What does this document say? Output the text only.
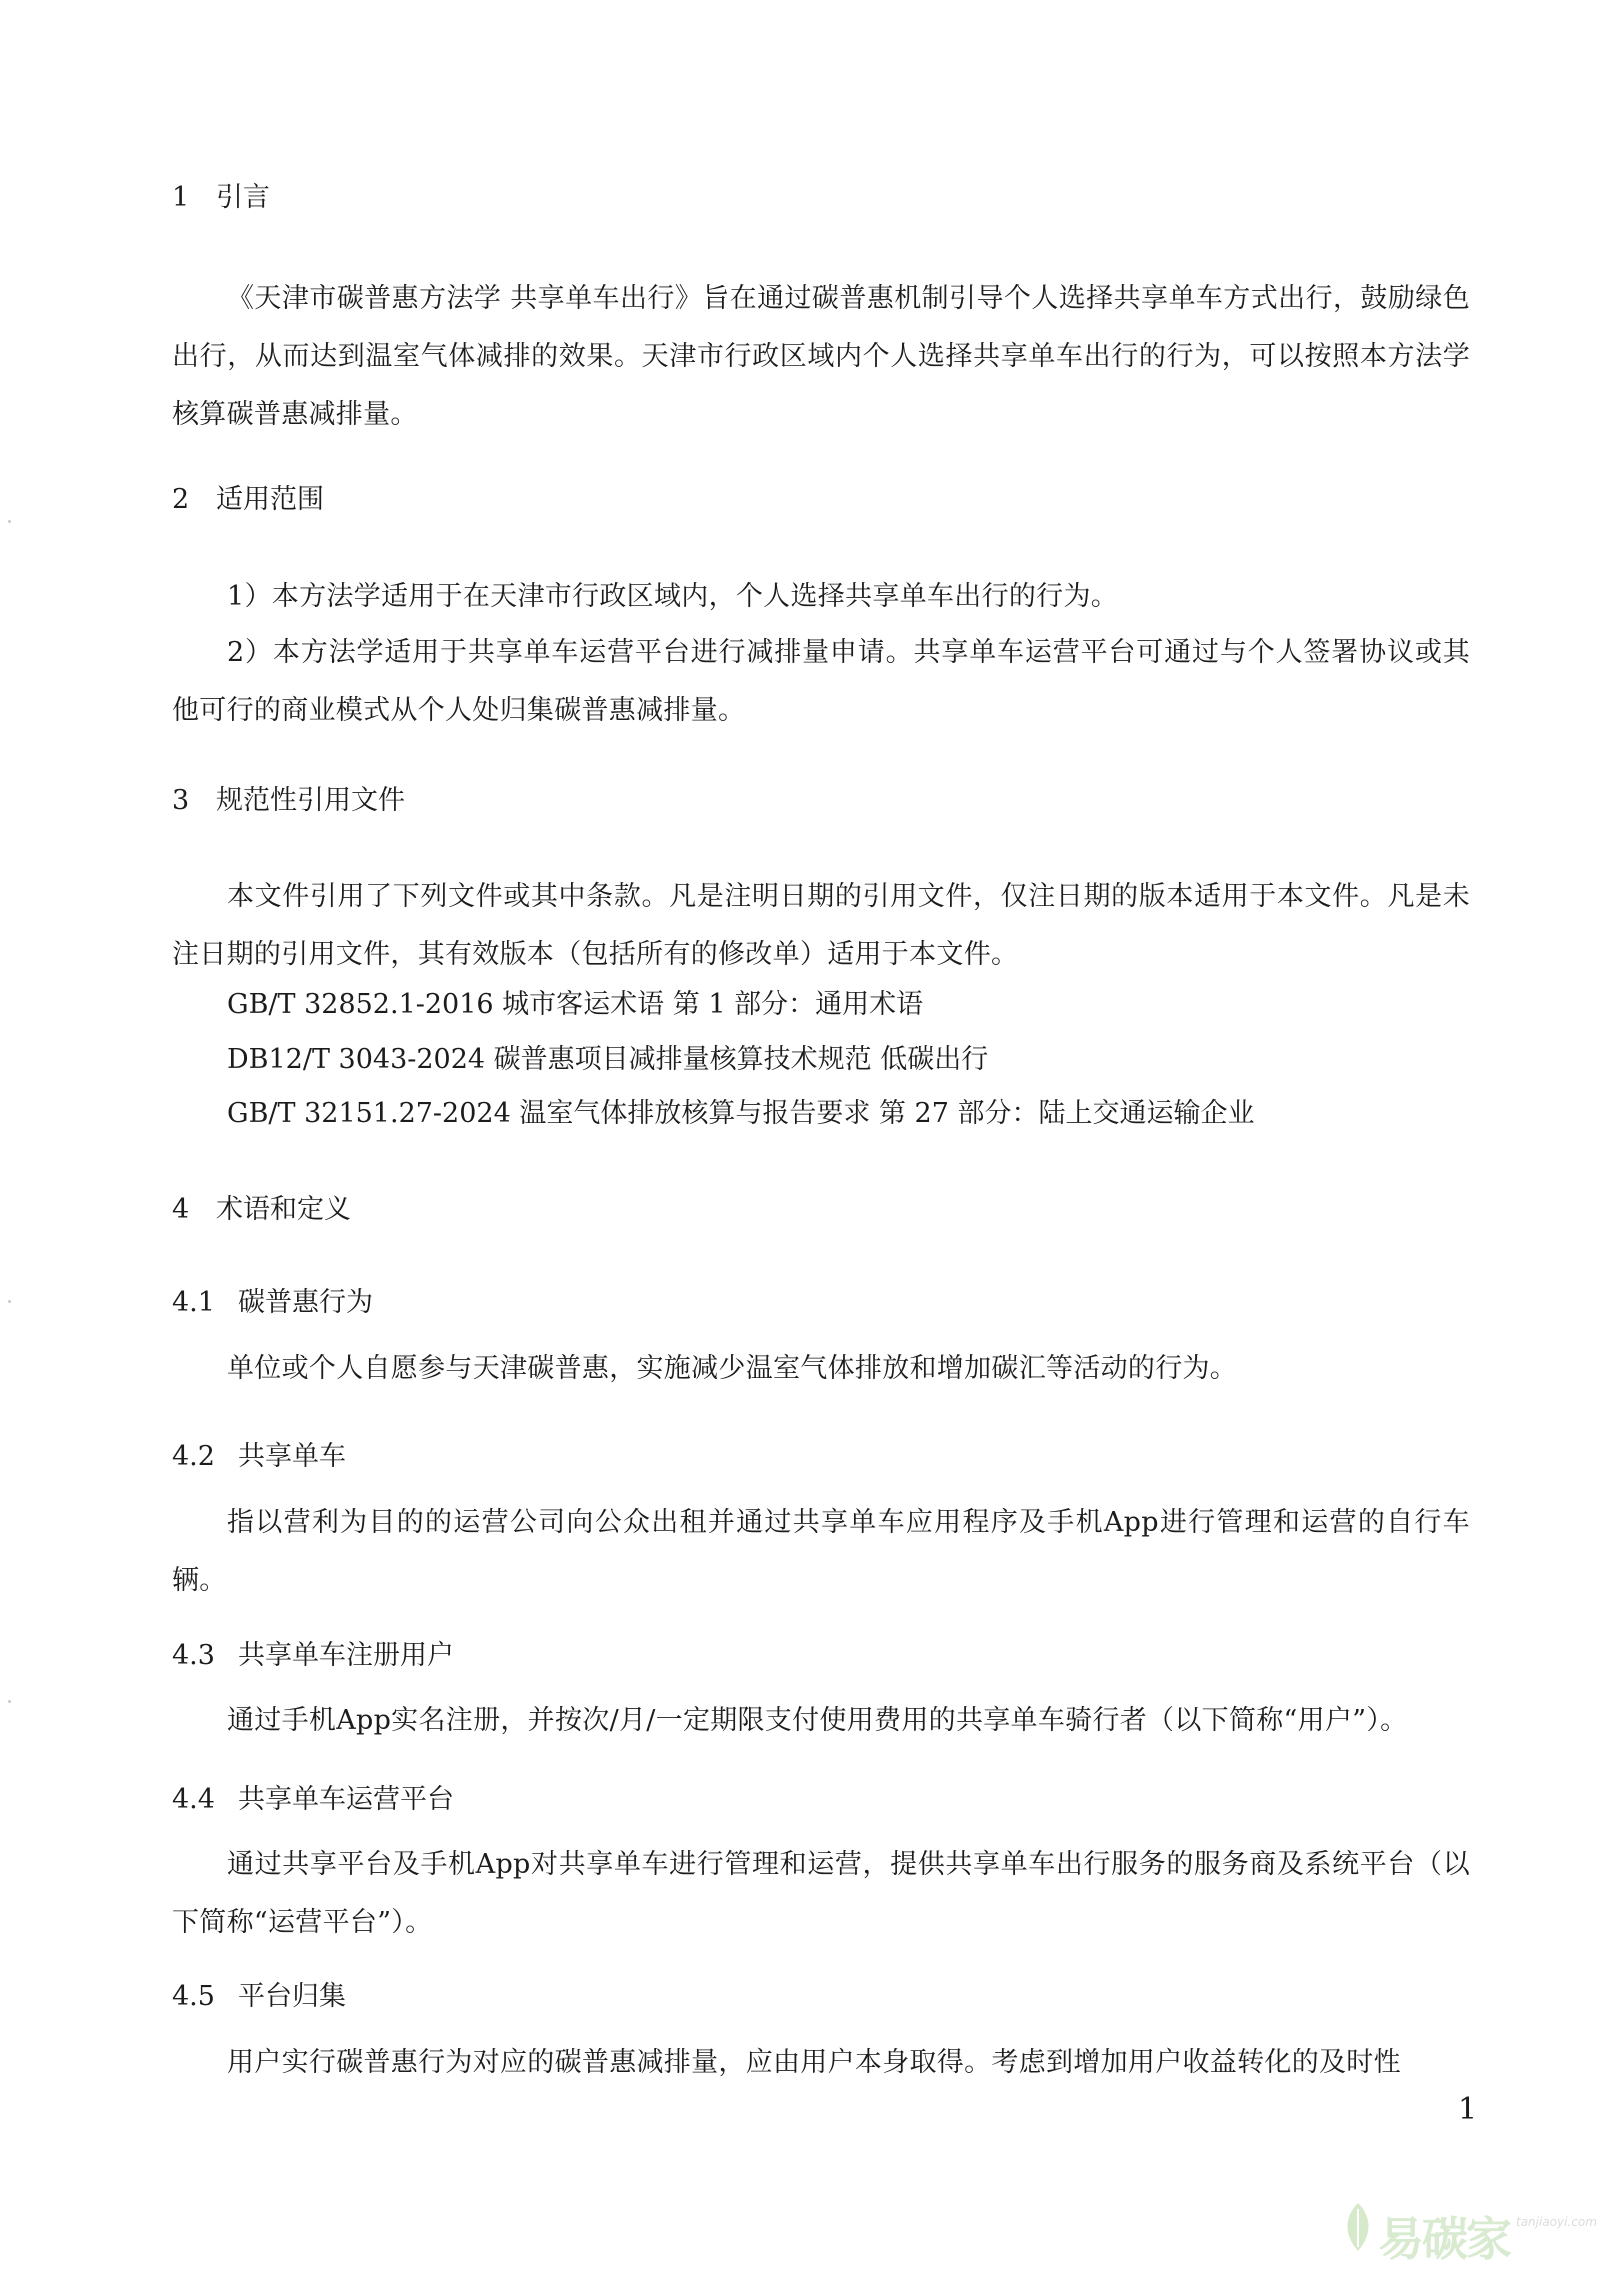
1 引言
《天津市碳普惠方法学 共享单车出行》旨在通过碳普惠机制引导个人选择共享单车方式出行，鼓励绿色出行，从而达到温室气体减排的效果。天津市行政区域内个人选择共享单车出行的行为，可以按照本方法学核算碳普惠减排量。
2 适用范围
1）本方法学适用于在天津市行政区域内，个人选择共享单车出行的行为。
2）本方法学适用于共享单车运营平台进行减排量申请。共享单车运营平台可通过与个人签署协议或其他可行的商业模式从个人处归集碳普惠减排量。
3 规范性引用文件
本文件引用了下列文件或其中条款。凡是注明日期的引用文件，仅注日期的版本适用于本文件。凡是未注日期的引用文件，其有效版本（包括所有的修改单）适用于本文件。
GB/T 32852.1-2016 城市客运术语 第 1 部分：通用术语
DB12/T 3043-2024 碳普惠项目减排量核算技术规范 低碳出行
GB/T 32151.27-2024 温室气体排放核算与报告要求 第 27 部分：陆上交通运输企业
4 术语和定义
4.1 碳普惠行为
单位或个人自愿参与天津碳普惠，实施减少温室气体排放和增加碳汇等活动的行为。
4.2 共享单车
指以营利为目的的运营公司向公众出租并通过共享单车应用程序及手机App进行管理和运营的自行车辆。
4.3 共享单车注册用户
通过手机App实名注册，并按次/月/一定期限支付使用费用的共享单车骑行者（以下简称“用户”）。
4.4 共享单车运营平台
通过共享平台及手机App对共享单车进行管理和运营，提供共享单车出行服务的服务商及系统平台（以下简称“运营平台”）。
4.5 平台归集
用户实行碳普惠行为对应的碳普惠减排量，应由用户本身取得。考虑到增加用户收益转化的及时性
1
易碳家 tanjiaoyi.com
